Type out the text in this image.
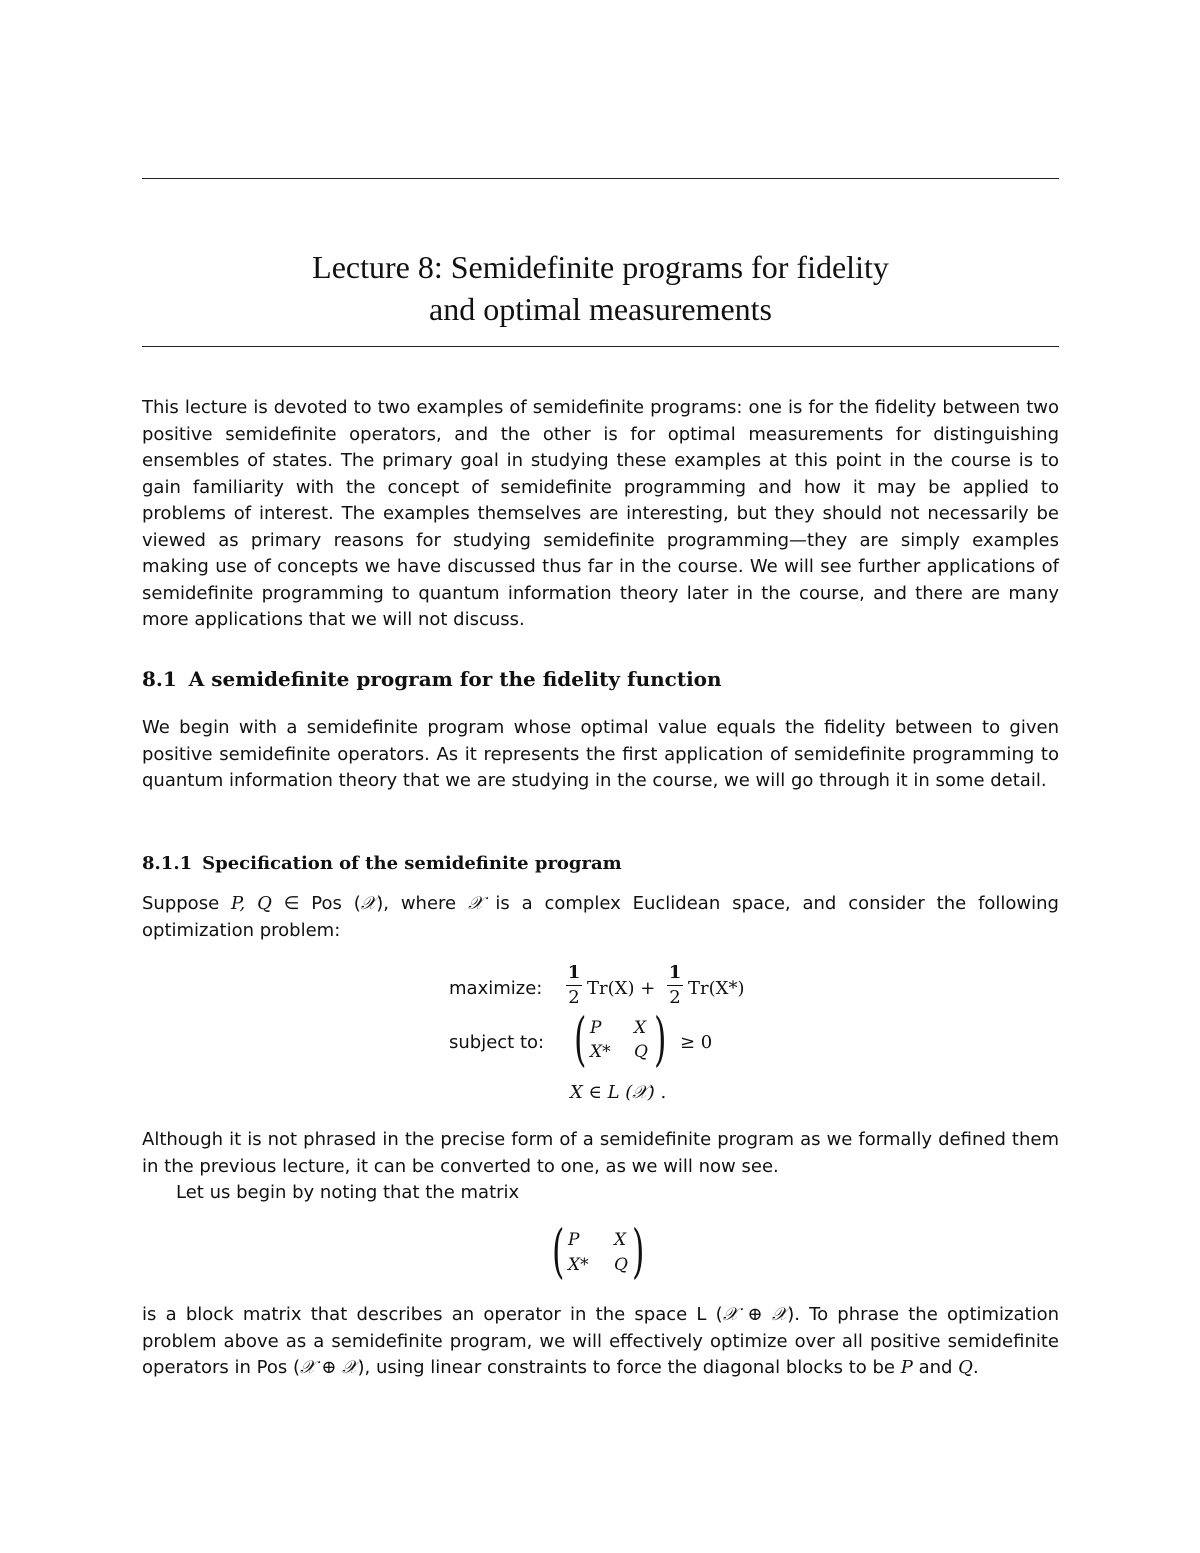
Lecture 8: Semidefinite programs for fidelity
and optimal measurements

This lecture is devoted to two examples of semidefinite programs: one is for the fidelity between two positive semidefinite operators, and the other is for optimal measurements for distinguishing ensembles of states. The primary goal in studying these examples at this point in the course is to gain familiarity with the concept of semidefinite programming and how it may be applied to problems of interest. The examples themselves are interesting, but they should not necessarily be viewed as primary reasons for studying semidefinite programming—they are simply examples making use of concepts we have discussed thus far in the course. We will see further applications of semidefinite programming to quantum information theory later in the course, and there are many more applications that we will not discuss.

8.1 A semidefinite program for the fidelity function

We begin with a semidefinite program whose optimal value equals the fidelity between to given positive semidefinite operators. As it represents the first application of semidefinite programming to quantum information theory that we are studying in the course, we will go through it in some detail.

8.1.1 Specification of the semidefinite program

Suppose P, Q ∈ Pos (𝒳), where 𝒳 is a complex Euclidean space, and consider the following optimization problem:

maximize:
1
2 Tr(X) +
1
2 Tr(X*)
subject to: ( P X
X* Q ) ≥ 0
X ∈ L (𝒳) .

Although it is not phrased in the precise form of a semidefinite program as we formally defined them in the previous lecture, it can be converted to one, as we will now see.

Let us begin by noting that the matrix

( P X
X* Q )

is a block matrix that describes an operator in the space L (𝒳 ⊕ 𝒳). To phrase the optimization problem above as a semidefinite program, we will effectively optimize over all positive semidefinite operators in Pos (𝒳 ⊕ 𝒳), using linear constraints to force the diagonal blocks to be P and Q.
